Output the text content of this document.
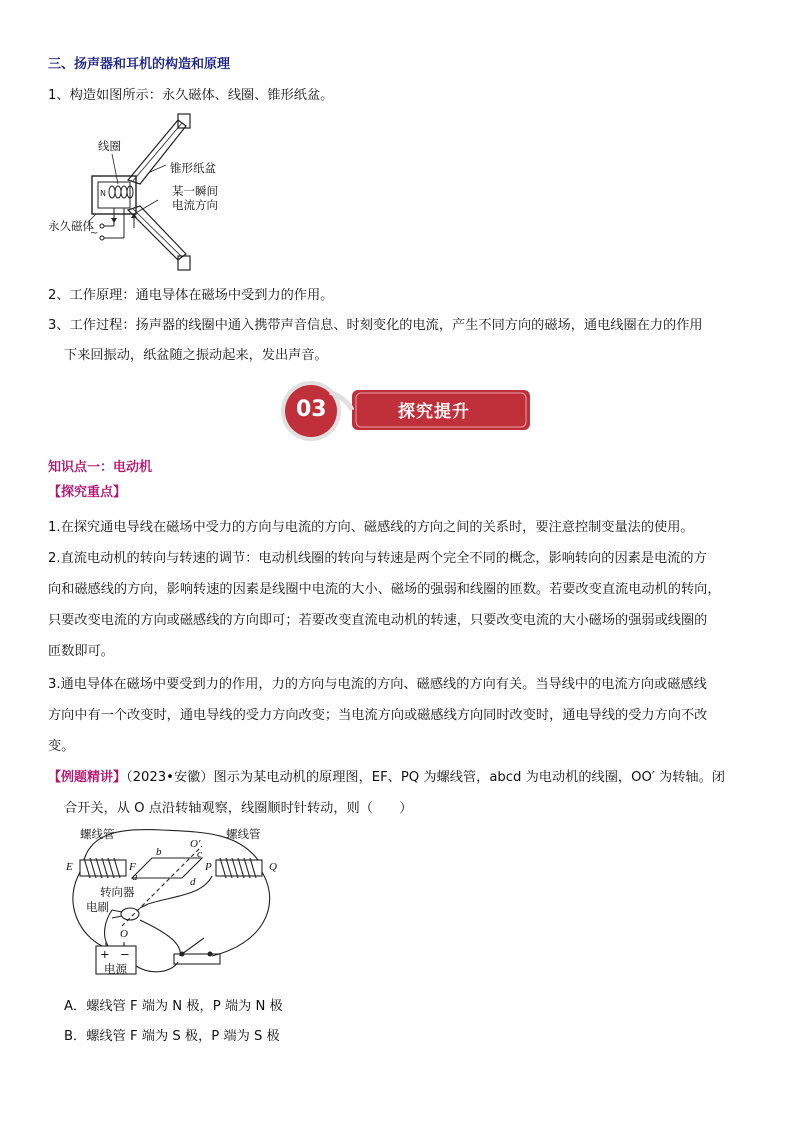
三、扬声器和耳机的构造和原理
1、构造如图所示：永久磁体、线圈、锥形纸盆。
N
~
线圈
锥形纸盆
某一瞬间
电流方向
永久磁体
2、工作原理：通电导体在磁场中受到力的作用。
3、工作过程：扬声器的线圈中通入携带声音信息、时刻变化的电流，产生不同方向的磁场，通电线圈在力的作用
下来回振动，纸盆随之振动起来，发出声音。
03	探究提升
知识点一：电动机
【探究重点】
1.在探究通电导线在磁场中受力的方向与电流的方向、磁感线的方向之间的关系时，要注意控制变量法的使用。
2.直流电动机的转向与转速的调节：电动机线圈的转向与转速是两个完全不同的概念，影响转向的因素是电流的方
向和磁感线的方向，影响转速的因素是线圈中电流的大小、磁场的强弱和线圈的匝数。若要改变直流电动机的转向，
只要改变电流的方向或磁感线的方向即可；若要改变直流电动机的转速，只要改变电流的大小磁场的强弱或线圈的
匝数即可。
3.通电导体在磁场中要受到力的作用，力的方向与电流的方向、磁感线的方向有关。当导线中的电流方向或磁感线
方向中有一个改变时，通电导线的受力方向改变；当电流方向或磁感线方向同时改变时，通电导线的受力方向不改
变。
【例题精讲】（2023•安徽）图示为某电动机的原理图，EF、PQ 为螺线管，abcd 为电动机的线圈，OO′ 为转轴。闭
合开关，从 O 点沿转轴观察，线圈顺时针转动，则（　　）
螺线管	螺线管
E	F	P	Q
b
O′
c
a	d
转向器
电刷
O
+ −
电源
A．螺线管 F 端为 N 极，P 端为 N 极
B．螺线管 F 端为 S 极，P 端为 S 极
